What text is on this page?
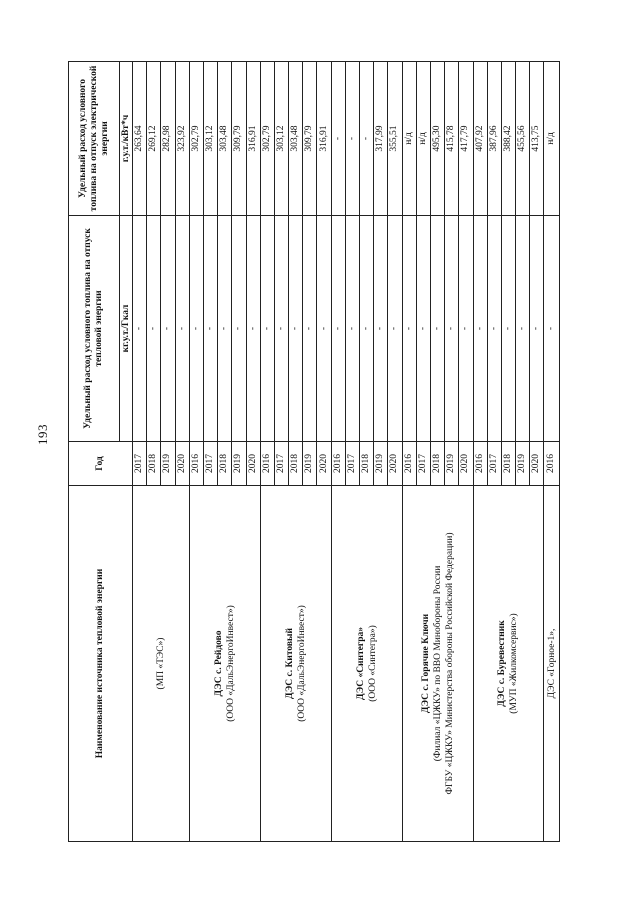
193
Наименование источника тепловой энергии	Год	Удельный расход условного топлива на отпуск тепловой энергии	Удельный расход условного топлива на отпуск электрической энергии
		кг.у.т./Гкал	г.у.т./кВт*ч

(МП «ТЭС»)	2017	-	263,64
	2018	-	269,12
	2019	-	282,98
	2020	-	323,92

ДЭС с. Рейдово (ООО «ДальЭнергоИнвест»)	2016	-	302,79
	2017	-	303,12
	2018	-	303,48
	2019	-	309,79
	2020	-	316,91

ДЭС с. Китовый (ООО «ДальЭнергоИнвест»)	2016	-	302,79
	2017	-	303,12
	2018	-	303,48
	2019	-	309,79
	2020	-	316,91

ДЭС «Синтегра» (ООО «Синтегра»)	2016	-	-
	2017	-	-
	2018	-	-
	2019	-	317,99
	2020	-	355,51

ДЭС с. Горячие Ключи (Филиал «ЦЖКУ» по ВВО Минобороны России ФГБУ «ЦЖКУ» Министерства обороны Российской Федерации)	2016	-	н/д
	2017	-	н/д
	2018	-	495,30
	2019	-	415,78
	2020	-	417,79

ДЭС с. Буревестник (МУП «Жилкомсервис»)	2016	-	407,92
	2017	-	387,96
	2018	-	388,42
	2019	-	455,56
	2020	-	413,75

ДЭС «Горное-1»,	2016	-	н/д
